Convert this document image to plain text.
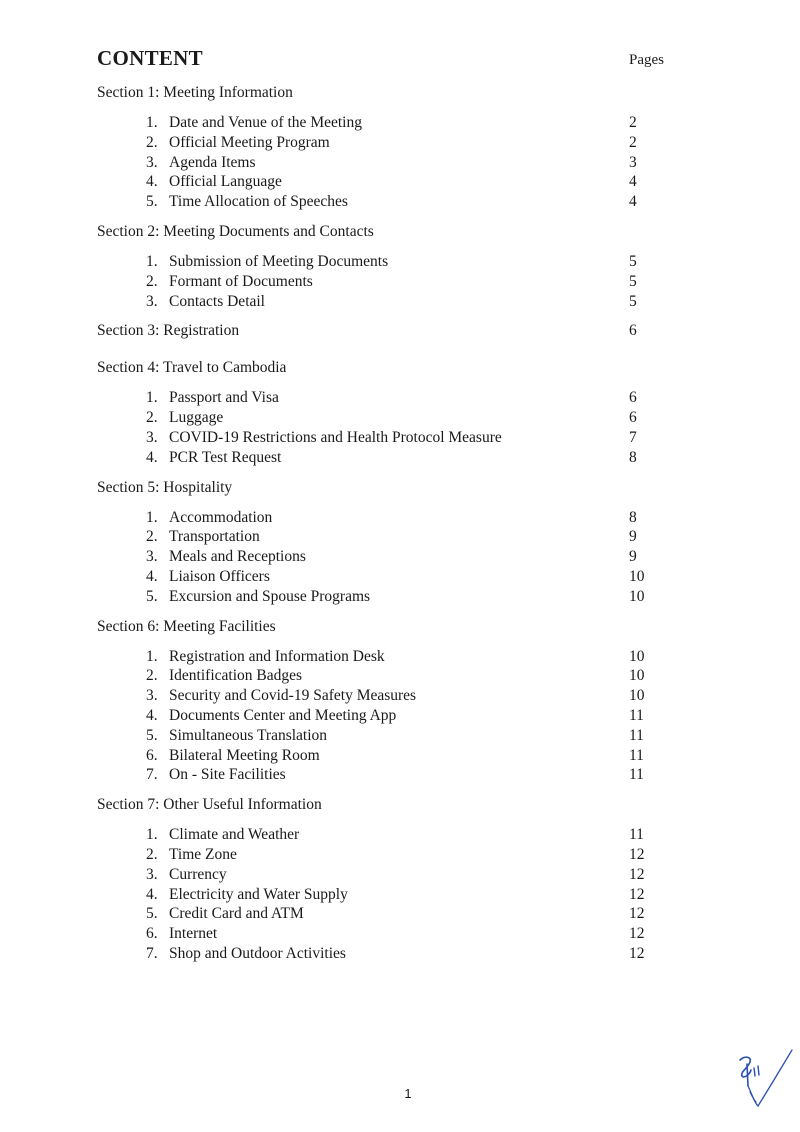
CONTENT	Pages
Section 1: Meeting Information
1. Date and Venue of the Meeting	2
2. Official Meeting Program	2
3. Agenda Items	3
4. Official Language	4
5. Time Allocation of Speeches	4
Section 2: Meeting Documents and Contacts
1. Submission of Meeting Documents	5
2. Formant of Documents	5
3. Contacts Detail	5
Section 3: Registration	6
Section 4: Travel to Cambodia
1. Passport and Visa	6
2. Luggage	6
3. COVID-19 Restrictions and Health Protocol Measure	7
4. PCR Test Request	8
Section 5: Hospitality
1. Accommodation	8
2. Transportation	9
3. Meals and Receptions	9
4. Liaison Officers	10
5. Excursion and Spouse Programs	10
Section 6: Meeting Facilities
1. Registration and Information Desk	10
2. Identification Badges	10
3. Security and Covid-19 Safety Measures	10
4. Documents Center and Meeting App	11
5. Simultaneous Translation	11
6. Bilateral Meeting Room	11
7. On - Site Facilities	11
Section 7: Other Useful Information
1. Climate and Weather	11
2. Time Zone	12
3. Currency	12
4. Electricity and Water Supply	12
5. Credit Card and ATM	12
6. Internet	12
7. Shop and Outdoor Activities	12
1
